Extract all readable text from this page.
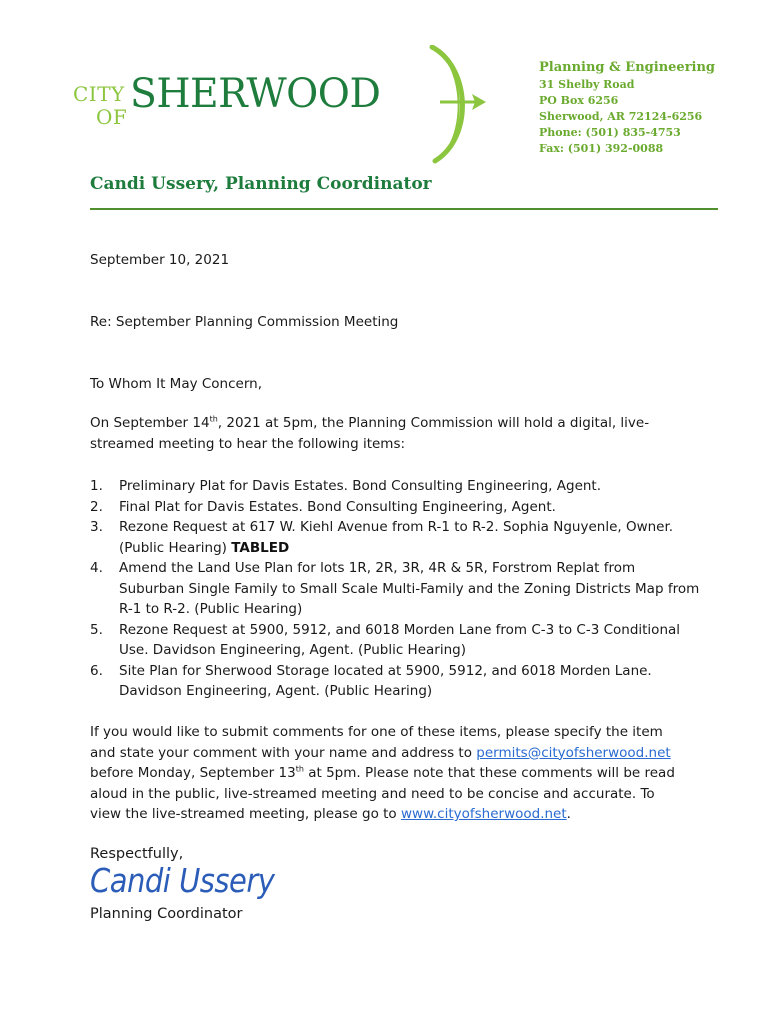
CITY
OF SHERWOOD
Planning & Engineering
31 Shelby Road
PO Box 6256
Sherwood, AR 72124-6256
Phone: (501) 835-4753
Fax: (501) 392-0088
Candi Ussery, Planning Coordinator
September 10, 2021
Re: September Planning Commission Meeting
To Whom It May Concern,
On September 14th, 2021 at 5pm, the Planning Commission will hold a digital, live-streamed meeting to hear the following items:
1. Preliminary Plat for Davis Estates. Bond Consulting Engineering, Agent.
2. Final Plat for Davis Estates. Bond Consulting Engineering, Agent.
3. Rezone Request at 617 W. Kiehl Avenue from R-1 to R-2. Sophia Nguyenle, Owner. (Public Hearing) TABLED
4. Amend the Land Use Plan for lots 1R, 2R, 3R, 4R & 5R, Forstrom Replat from Suburban Single Family to Small Scale Multi-Family and the Zoning Districts Map from R-1 to R-2. (Public Hearing)
5. Rezone Request at 5900, 5912, and 6018 Morden Lane from C-3 to C-3 Conditional Use. Davidson Engineering, Agent. (Public Hearing)
6. Site Plan for Sherwood Storage located at 5900, 5912, and 6018 Morden Lane. Davidson Engineering, Agent. (Public Hearing)
If you would like to submit comments for one of these items, please specify the item and state your comment with your name and address to permits@cityofsherwood.net before Monday, September 13th at 5pm. Please note that these comments will be read aloud in the public, live-streamed meeting and need to be concise and accurate. To view the live-streamed meeting, please go to www.cityofsherwood.net.
Respectfully,
Candi Ussery
Planning Coordinator
